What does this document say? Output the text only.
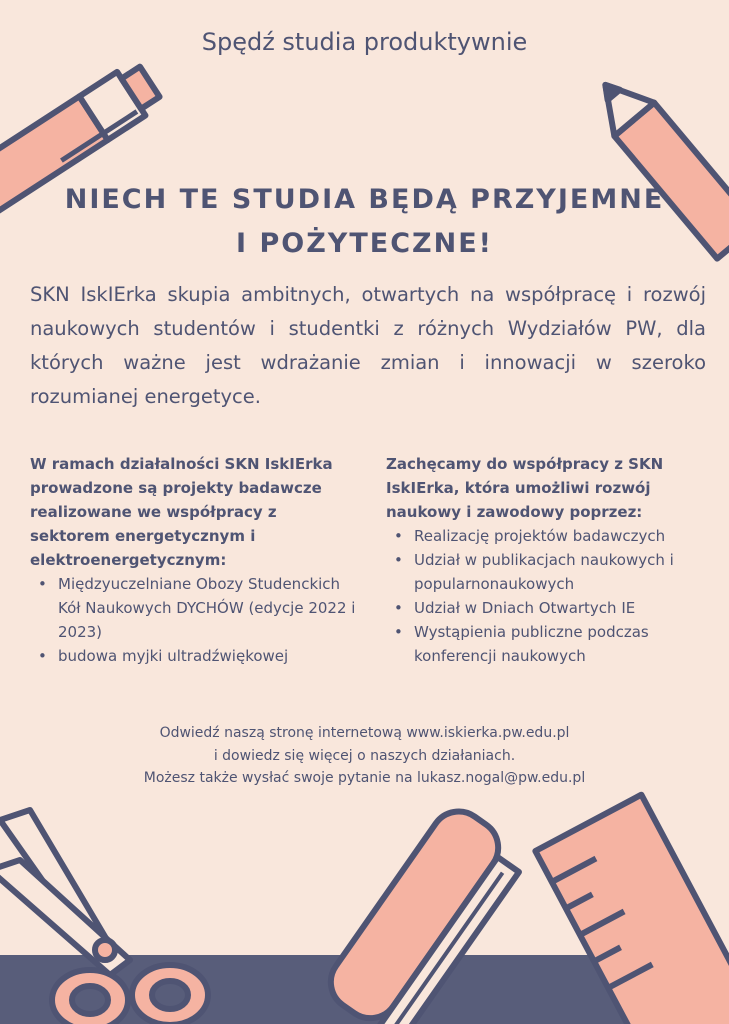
Spędź studia produktywnie
NIECH TE STUDIA BĘDĄ PRZYJEMNE
I POŻYTECZNE!
SKN IskIErka skupia ambitnych, otwartych na współpracę i rozwój naukowych studentów i studentki z różnych Wydziałów PW, dla których ważne jest wdrażanie zmian i innowacji w szeroko rozumianej energetyce.
W ramach działalności SKN IskIErka prowadzone są projekty badawcze realizowane we współpracy z sektorem energetycznym i elektroenergetycznym:
• Międzyuczelniane Obozy Studenckich Kół Naukowych DYCHÓW (edycje 2022 i 2023)
• budowa myjki ultradźwiękowej
Zachęcamy do współpracy z SKN IskIErka, która umożliwi rozwój naukowy i zawodowy poprzez:
• Realizację projektów badawczych
• Udział w publikacjach naukowych i popularnonaukowych
• Udział w Dniach Otwartych IE
• Wystąpienia publiczne podczas konferencji naukowych
Odwiedź naszą stronę internetową www.iskierka.pw.edu.pl
i dowiedz się więcej o naszych działaniach.
Możesz także wysłać swoje pytanie na lukasz.nogal@pw.edu.pl
